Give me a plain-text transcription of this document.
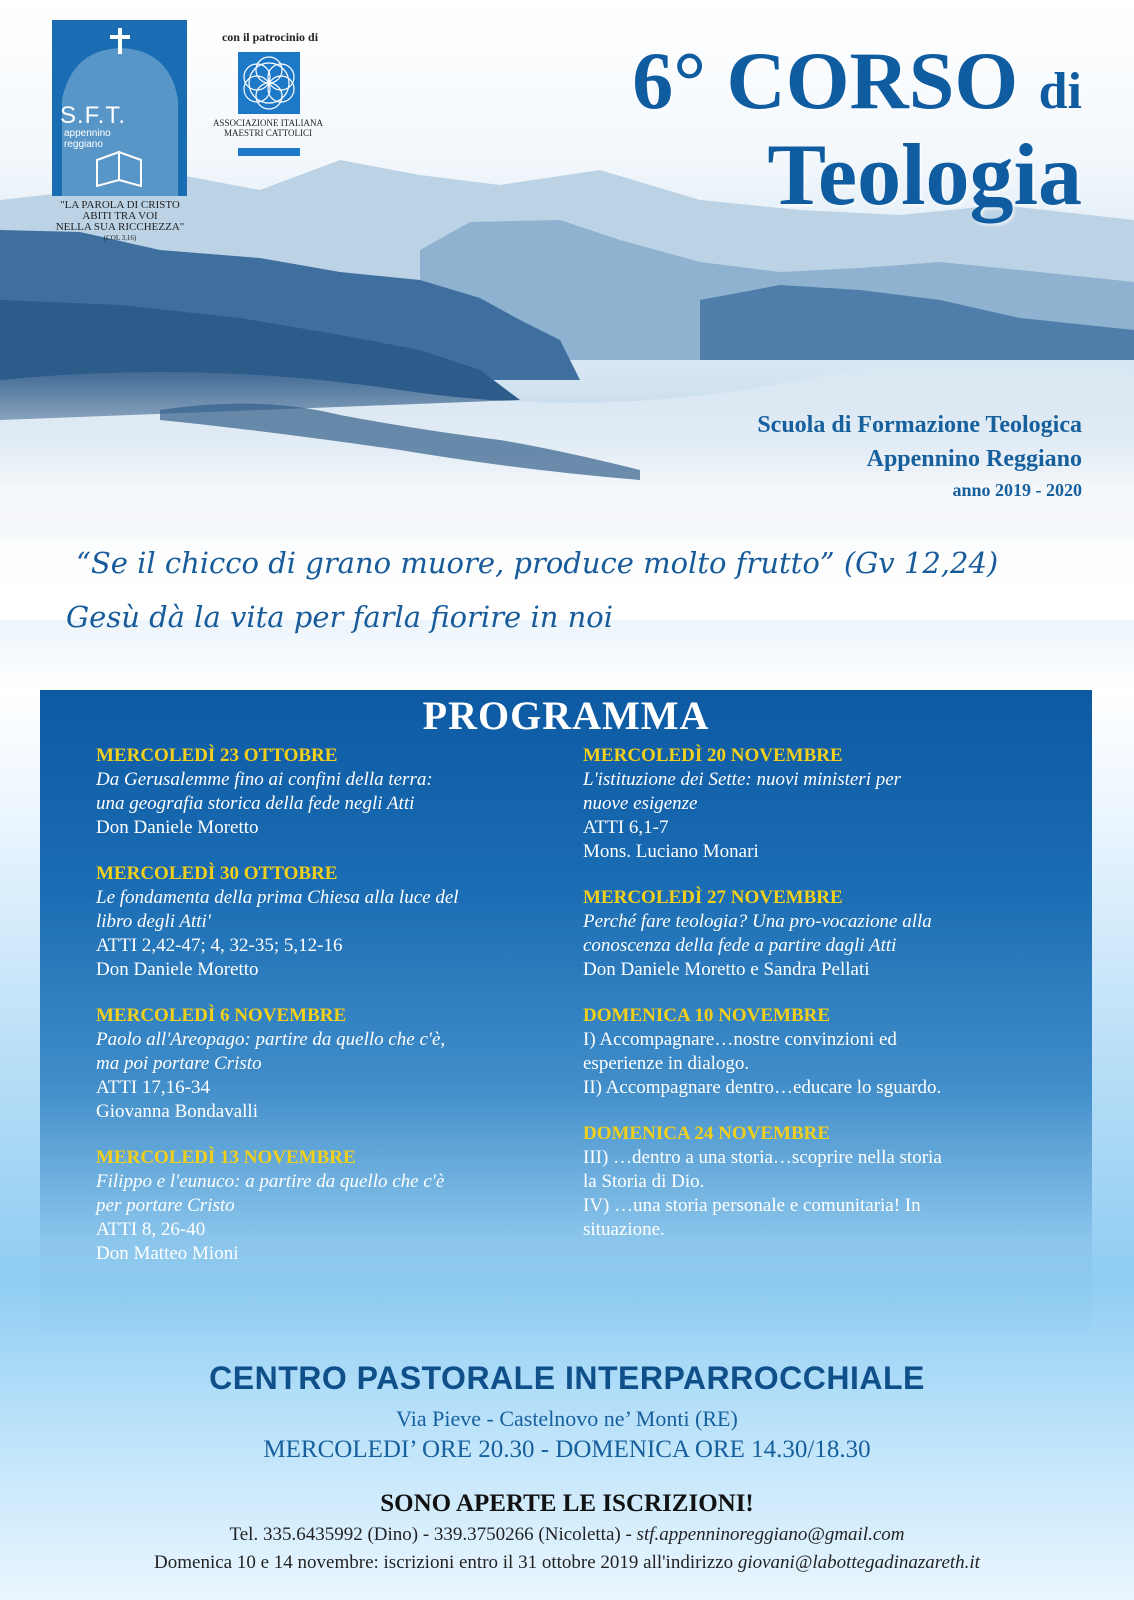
S.F.T.
appennino
reggiano
"LA PAROLA DI CRISTO
ABITI TRA VOI
NELLA SUA RICCHEZZA"
(COL 3,16)
con il patrocinio di
ASSOCIAZIONE ITALIANA
MAESTRI CATTOLICI
6° CORSO di
Teologia
Scuola di Formazione Teologica
Appennino Reggiano
anno 2019 - 2020
“Se il chicco di grano muore, produce molto frutto” (Gv 12,24)
Gesù dà la vita per farla fiorire in noi
PROGRAMMA
MERCOLEDÌ 23 OTTOBRE
Da Gerusalemme fino ai confini della terra:
una geografia storica della fede negli Atti
Don Daniele Moretto
MERCOLEDÌ 30 OTTOBRE
Le fondamenta della prima Chiesa alla luce del
libro degli Atti'
ATTI 2,42-47; 4, 32-35; 5,12-16
Don Daniele Moretto
MERCOLEDÌ 6 NOVEMBRE
Paolo all'Areopago: partire da quello che c'è,
ma poi portare Cristo
ATTI 17,16-34
Giovanna Bondavalli
MERCOLEDÌ 13 NOVEMBRE
Filippo e l'eunuco: a partire da quello che c'è
per portare Cristo
ATTI 8, 26-40
Don Matteo Mioni
MERCOLEDÌ 20 NOVEMBRE
L'istituzione dei Sette: nuovi ministeri per
nuove esigenze
ATTI 6,1-7
Mons. Luciano Monari
MERCOLEDÌ 27 NOVEMBRE
Perché fare teologia? Una pro-vocazione alla
conoscenza della fede a partire dagli Atti
Don Daniele Moretto e Sandra Pellati
DOMENICA 10 NOVEMBRE
I) Accompagnare…nostre convinzioni ed
esperienze in dialogo.
II) Accompagnare dentro…educare lo sguardo.
DOMENICA 24 NOVEMBRE
III) …dentro a una storia…scoprire nella storia
la Storia di Dio.
IV) …una storia personale e comunitaria! In
situazione.
CENTRO PASTORALE INTERPARROCCHIALE
Via Pieve - Castelnovo ne’ Monti (RE)
MERCOLEDI’ ORE 20.30 - DOMENICA ORE 14.30/18.30
SONO APERTE LE ISCRIZIONI!
Tel. 335.6435992 (Dino) - 339.3750266 (Nicoletta) - stf.appenninoreggiano@gmail.com
Domenica 10 e 14 novembre: iscrizioni entro il 31 ottobre 2019 all'indirizzo giovani@labottegadinazareth.it
